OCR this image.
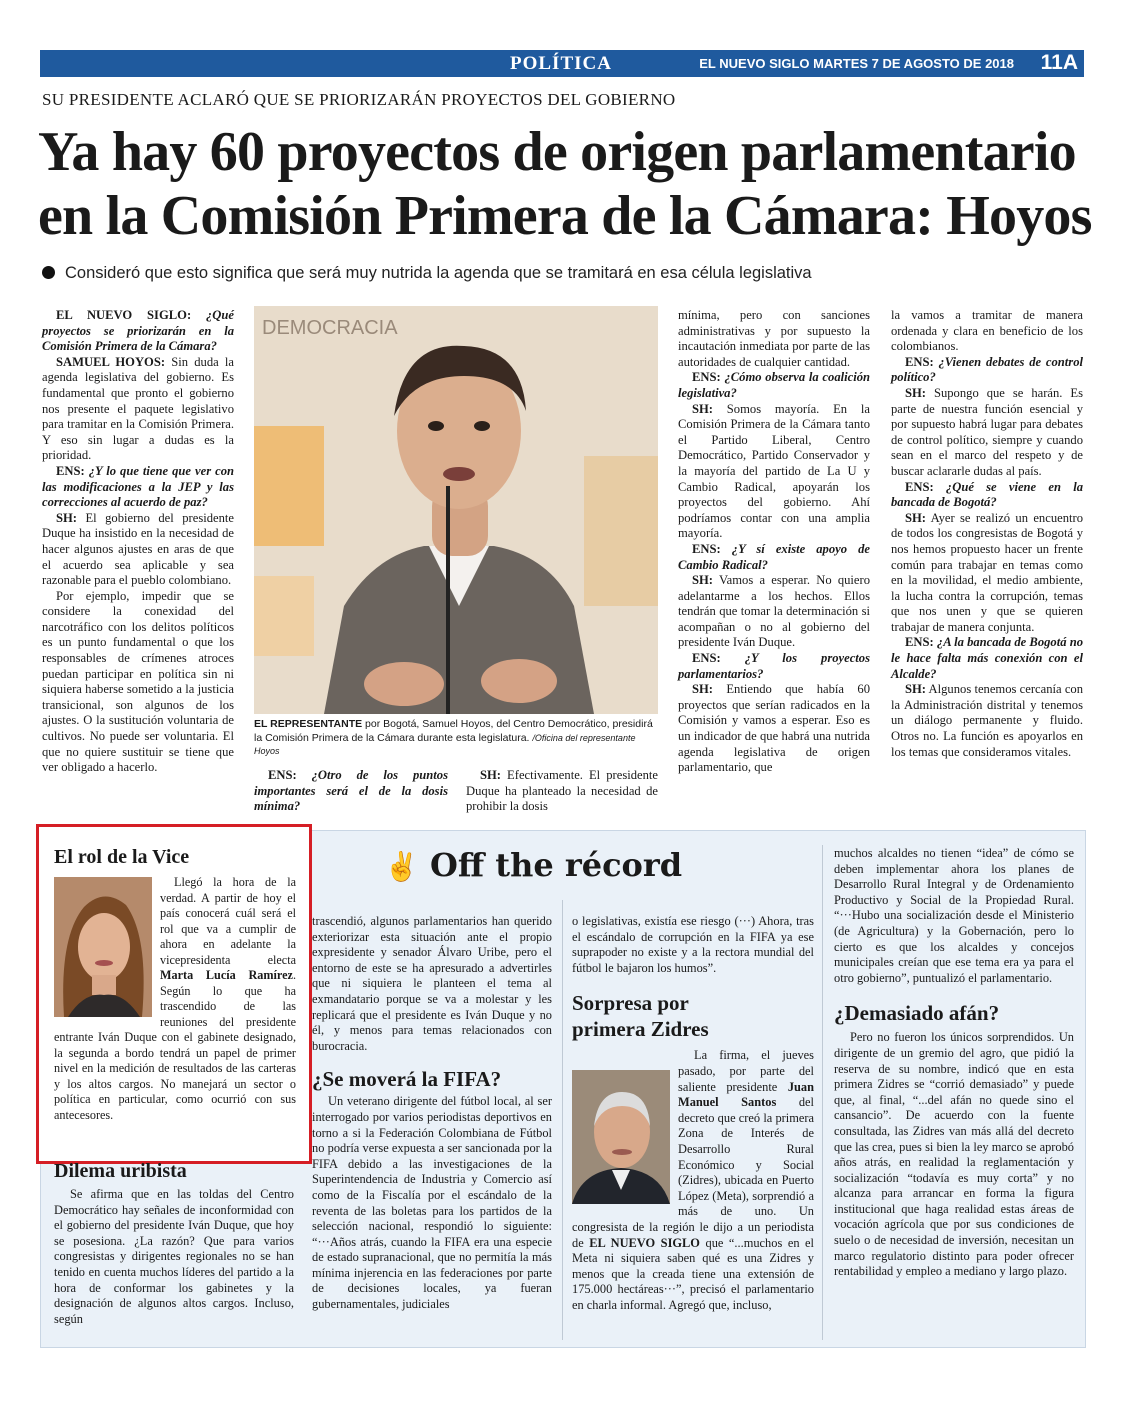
POLÍTICA	EL NUEVO SIGLO MARTES 7 DE AGOSTO DE 2018 11A
SU PRESIDENTE ACLARÓ QUE SE PRIORIZARÁN PROYECTOS DEL GOBIERNO
Ya hay 60 proyectos de origen parlamentario
en la Comisión Primera de la Cámara: Hoyos
Consideró que esto significa que será muy nutrida la agenda que se tramitará en esa célula legislativa

EL NUEVO SIGLO: ¿Qué proyectos se priorizarán en la Comisión Primera de la Cámara?

SAMUEL HOYOS: Sin duda la agenda legislativa del gobierno. Es fundamental que pronto el gobierno nos presente el paquete legislativo para tramitar en la Comisión Primera. Y eso sin lugar a dudas es la prioridad.

ENS: ¿Y lo que tiene que ver con las modificaciones a la JEP y las correcciones al acuerdo de paz?

SH: El gobierno del presidente Duque ha insistido en la necesidad de hacer algunos ajustes en aras de que el acuerdo sea aplicable y sea razonable para el pueblo colombiano.

Por ejemplo, impedir que se considere la conexidad del narcotráfico con los delitos políticos es un punto fundamental o que los responsables de crímenes atroces puedan participar en política sin ni siquiera haberse sometido a la justicia transicional, son algunos de los ajustes. O la sustitución voluntaria de cultivos. No puede ser voluntaria. El que no quiere sustituir se tiene que ver obligado a hacerlo.

DEMOCRACIA
EL REPRESENTANTE por Bogotá, Samuel Hoyos, del Centro Democrático, presidirá la Comisión Primera de la Cámara durante esta legislatura. /Oficina del representante Hoyos

ENS: ¿Otro de los puntos importantes será el de la dosis mínima?

SH: Efectivamente. El presidente Duque ha planteado la necesidad de prohibir la dosis

mínima, pero con sanciones administrativas y por supuesto la incautación inmediata por parte de las autoridades de cualquier cantidad.

ENS: ¿Cómo observa la coalición legislativa?

SH: Somos mayoría. En la Comisión Primera de la Cámara tanto el Partido Liberal, Centro Democrático, Partido Conservador y la mayoría del partido de La U y Cambio Radical, apoyarán los proyectos del gobierno. Ahí podríamos contar con una amplia mayoría.

ENS: ¿Y sí existe apoyo de Cambio Radical?

SH: Vamos a esperar. No quiero adelantarme a los hechos. Ellos tendrán que tomar la determinación si acompañan o no al gobierno del presidente Iván Duque.

ENS: ¿Y los proyectos parlamentarios?

SH: Entiendo que había 60 proyectos que serían radicados en la Comisión y vamos a esperar. Eso es un indicador de que habrá una nutrida agenda legislativa de origen parlamentario, que

la vamos a tramitar de manera ordenada y clara en beneficio de los colombianos.

ENS: ¿Vienen debates de control político?

SH: Supongo que se harán. Es parte de nuestra función esencial y por supuesto habrá lugar para debates de control político, siempre y cuando sean en el marco del respeto y de buscar aclararle dudas al país.

ENS: ¿Qué se viene en la bancada de Bogotá?

SH: Ayer se realizó un encuentro de todos los congresistas de Bogotá y nos hemos propuesto hacer un frente común para trabajar en temas como en la movilidad, el medio ambiente, la lucha contra la corrupción, temas que nos unen y que se quieren trabajar de manera conjunta.

ENS: ¿A la bancada de Bogotá no le hace falta más conexión con el Alcalde?

SH: Algunos tenemos cercanía con la Administración distrital y tenemos un diálogo permanente y fluido. Otros no. La función es apoyarlos en los temas que consideramos vitales.

✌ Off the récord
El rol de la Vice

Llegó la hora de la verdad. A partir de hoy el país conocerá cuál será el rol que va a cumplir de ahora en adelante la vicepresidenta electa Marta Lucía Ramírez. Según lo que ha trascendido de las reuniones del presidente entrante Iván Duque con el gabinete designado, la segunda a bordo tendrá un papel de primer nivel en la medición de resultados de las carteras y los altos cargos. No manejará un sector o política en particular, como ocurrió con sus antecesores.

Dilema uribista

Se afirma que en las toldas del Centro Democrático hay señales de inconformidad con el gobierno del presidente Iván Duque, que hoy se posesiona. ¿La razón? Que para varios congresistas y dirigentes regionales no se han tenido en cuenta muchos líderes del partido a la hora de conformar los gabinetes y la designación de algunos altos cargos. Incluso, según

trascendió, algunos parlamentarios han querido exteriorizar esta situación ante el propio expresidente y senador Álvaro Uribe, pero el entorno de este se ha apresurado a advertirles que ni siquiera le planteen el tema al exmandatario porque se va a molestar y les replicará que el presidente es Iván Duque y no él, y menos para temas relacionados con burocracia.

¿Se moverá la FIFA?

Un veterano dirigente del fútbol local, al ser interrogado por varios periodistas deportivos en torno a si la Federación Colombiana de Fútbol no podría verse expuesta a ser sancionada por la FIFA debido a las investigaciones de la Superintendencia de Industria y Comercio así como de la Fiscalía por el escándalo de la reventa de las boletas para los partidos de la selección nacional, respondió lo siguiente: “···Años atrás, cuando la FIFA era una especie de estado supranacional, que no permitía la más mínima injerencia en las federaciones por parte de decisiones locales, ya fueran gubernamentales, judiciales

o legislativas, existía ese riesgo (···) Ahora, tras el escándalo de corrupción en la FIFA ya ese suprapoder no existe y a la rectora mundial del fútbol le bajaron los humos”.

Sorpresa por
primera Zidres

La firma, el jueves pasado, por parte del saliente presidente Juan Manuel Santos del decreto que creó la primera Zona de Interés de Desarrollo Rural Económico y Social (Zidres), ubicada en Puerto López (Meta), sorprendió a más de uno. Un congresista de la región le dijo a un periodista de EL NUEVO SIGLO que “...muchos en el Meta ni siquiera saben qué es una Zidres y menos que la creada tiene una extensión de 175.000 hectáreas···”, precisó el parlamentario en charla informal. Agregó que, incluso,

muchos alcaldes no tienen “idea” de cómo se deben implementar ahora los planes de Desarrollo Rural Integral y de Ordenamiento Productivo y Social de la Propiedad Rural. “···Hubo una socialización desde el Ministerio (de Agricultura) y la Gobernación, pero lo cierto es que los alcaldes y concejos municipales creían que ese tema era ya para el otro gobierno”, puntualizó el parlamentario.

¿Demasiado afán?

Pero no fueron los únicos sorprendidos. Un dirigente de un gremio del agro, que pidió la reserva de su nombre, indicó que en esta primera Zidres se “corrió demasiado” y puede que, al final, “...del afán no quede sino el cansancio”. De acuerdo con la fuente consultada, las Zidres van más allá del decreto que las crea, pues si bien la ley marco se aprobó años atrás, en realidad la reglamentación y socialización “todavía es muy corta” y no alcanza para arrancar en forma la figura institucional que haga realidad estas áreas de vocación agrícola que por sus condiciones de suelo o de necesidad de inversión, necesitan un marco regulatorio distinto para poder ofrecer rentabilidad y empleo a mediano y largo plazo.
